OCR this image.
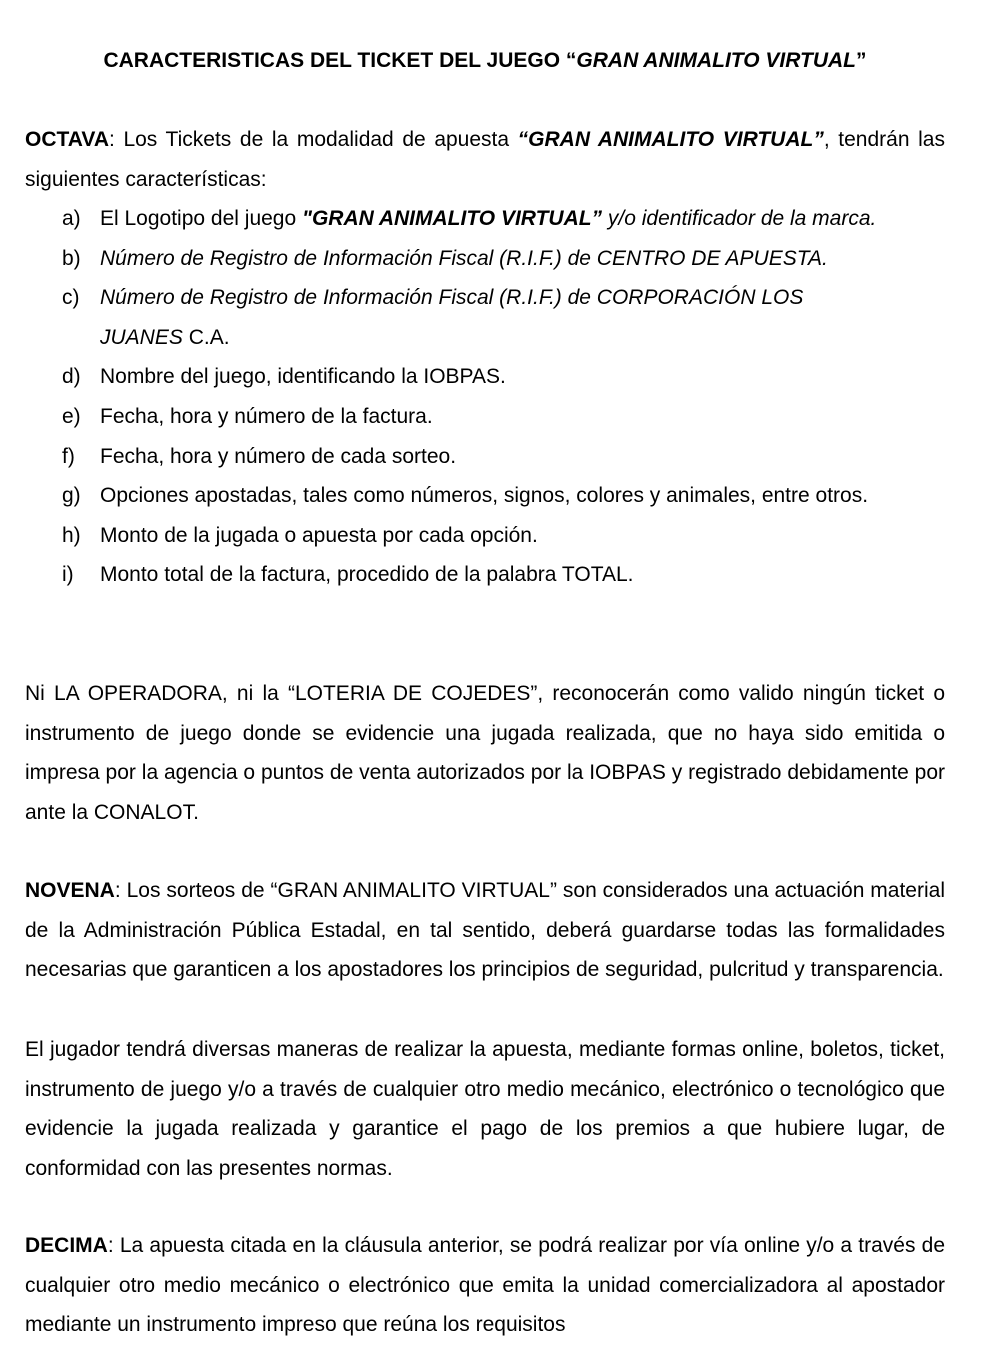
CARACTERISTICAS DEL TICKET DEL JUEGO “GRAN ANIMALITO VIRTUAL”

OCTAVA: Los Tickets de la modalidad de apuesta “GRAN ANIMALITO VIRTUAL”, tendrán las siguientes características:

a) El Logotipo del juego "GRAN ANIMALITO VIRTUAL” y/o identificador de la marca.
b) Número de Registro de Información Fiscal (R.I.F.) de CENTRO DE APUESTA.
c) Número de Registro de Información Fiscal (R.I.F.) de CORPORACIÓN LOS JUANES C.A.
d) Nombre del juego, identificando la IOBPAS.
e) Fecha, hora y número de la factura.
f) Fecha, hora y número de cada sorteo.
g) Opciones apostadas, tales como números, signos, colores y animales, entre otros.
h) Monto de la jugada o apuesta por cada opción.
i) Monto total de la factura, procedido de la palabra TOTAL.

Ni LA OPERADORA, ni la “LOTERIA DE COJEDES”, reconocerán como valido ningún ticket o instrumento de juego donde se evidencie una jugada realizada, que no haya sido emitida o impresa por la agencia o puntos de venta autorizados por la IOBPAS y registrado debidamente por ante la CONALOT.

NOVENA: Los sorteos de “GRAN ANIMALITO VIRTUAL” son considerados una actuación material de la Administración Pública Estadal, en tal sentido, deberá guardarse todas las formalidades necesarias que garanticen a los apostadores los principios de seguridad, pulcritud y transparencia.

El jugador tendrá diversas maneras de realizar la apuesta, mediante formas online, boletos, ticket, instrumento de juego y/o a través de cualquier otro medio mecánico, electrónico o tecnológico que evidencie la jugada realizada y garantice el pago de los premios a que hubiere lugar, de conformidad con las presentes normas.

DECIMA: La apuesta citada en la cláusula anterior, se podrá realizar por vía online y/o a través de cualquier otro medio mecánico o electrónico que emita la unidad comercializadora al apostador mediante un instrumento impreso que reúna los requisitos
